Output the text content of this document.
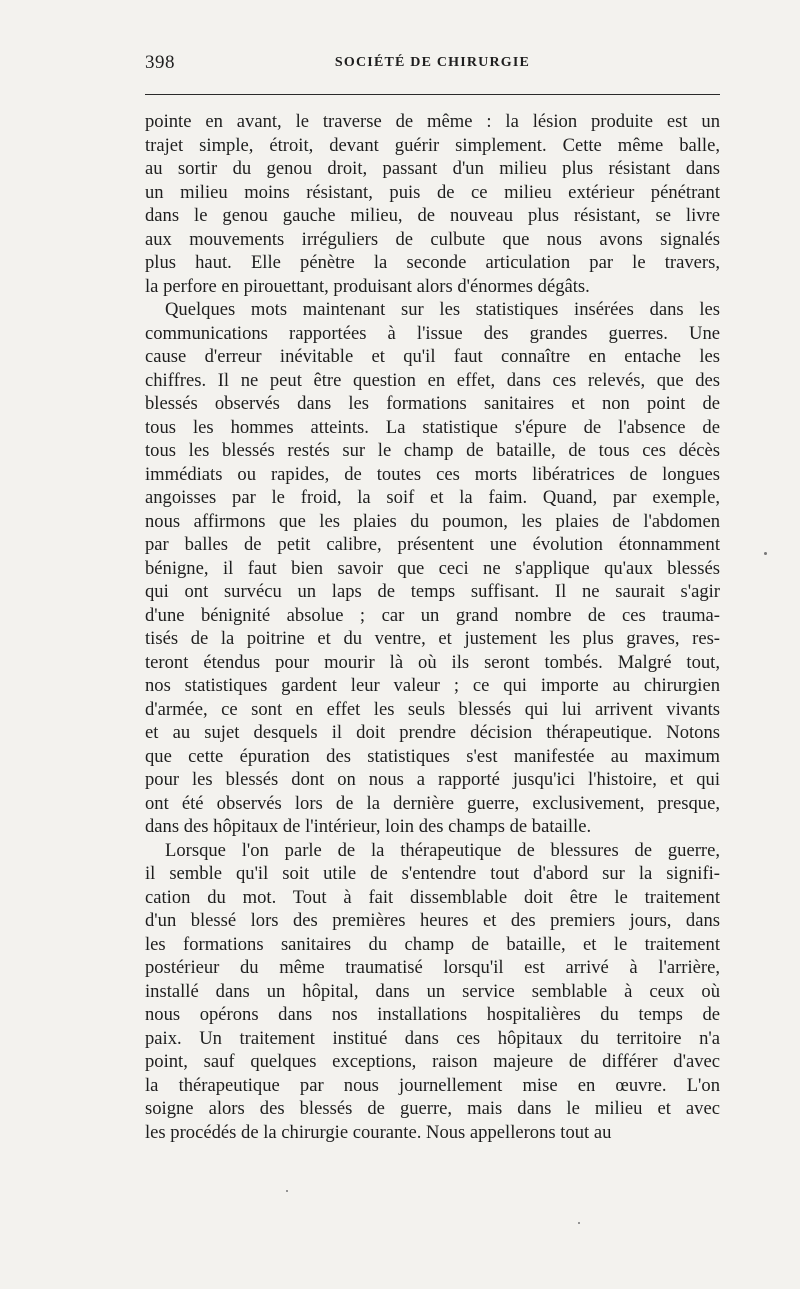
398	SOCIÉTÉ DE CHIRURGIE
pointe en avant, le traverse de même : la lésion produite est un
trajet simple, étroit, devant guérir simplement. Cette même balle,
au sortir du genou droit, passant d'un milieu plus résistant dans
un milieu moins résistant, puis de ce milieu extérieur pénétrant
dans le genou gauche milieu, de nouveau plus résistant, se livre
aux mouvements irréguliers de culbute que nous avons signalés
plus haut. Elle pénètre la seconde articulation par le travers,
la perfore en pirouettant, produisant alors d'énormes dégâts.
Quelques mots maintenant sur les statistiques insérées dans les
communications rapportées à l'issue des grandes guerres. Une
cause d'erreur inévitable et qu'il faut connaître en entache les
chiffres. Il ne peut être question en effet, dans ces relevés, que des
blessés observés dans les formations sanitaires et non point de
tous les hommes atteints. La statistique s'épure de l'absence de
tous les blessés restés sur le champ de bataille, de tous ces décès
immédiats ou rapides, de toutes ces morts libératrices de longues
angoisses par le froid, la soif et la faim. Quand, par exemple,
nous affirmons que les plaies du poumon, les plaies de l'abdomen
par balles de petit calibre, présentent une évolution étonnamment
bénigne, il faut bien savoir que ceci ne s'applique qu'aux blessés
qui ont survécu un laps de temps suffisant. Il ne saurait s'agir
d'une bénignité absolue ; car un grand nombre de ces trauma-
tisés de la poitrine et du ventre, et justement les plus graves, res-
teront étendus pour mourir là où ils seront tombés. Malgré tout,
nos statistiques gardent leur valeur ; ce qui importe au chirurgien
d'armée, ce sont en effet les seuls blessés qui lui arrivent vivants
et au sujet desquels il doit prendre décision thérapeutique. Notons
que cette épuration des statistiques s'est manifestée au maximum
pour les blessés dont on nous a rapporté jusqu'ici l'histoire, et qui
ont été observés lors de la dernière guerre, exclusivement, presque,
dans des hôpitaux de l'intérieur, loin des champs de bataille.
Lorsque l'on parle de la thérapeutique de blessures de guerre,
il semble qu'il soit utile de s'entendre tout d'abord sur la signifi-
cation du mot. Tout à fait dissemblable doit être le traitement
d'un blessé lors des premières heures et des premiers jours, dans
les formations sanitaires du champ de bataille, et le traitement
postérieur du même traumatisé lorsqu'il est arrivé à l'arrière,
installé dans un hôpital, dans un service semblable à ceux où
nous opérons dans nos installations hospitalières du temps de
paix. Un traitement institué dans ces hôpitaux du territoire n'a
point, sauf quelques exceptions, raison majeure de différer d'avec
la thérapeutique par nous journellement mise en œuvre. L'on
soigne alors des blessés de guerre, mais dans le milieu et avec
les procédés de la chirurgie courante. Nous appellerons tout au
